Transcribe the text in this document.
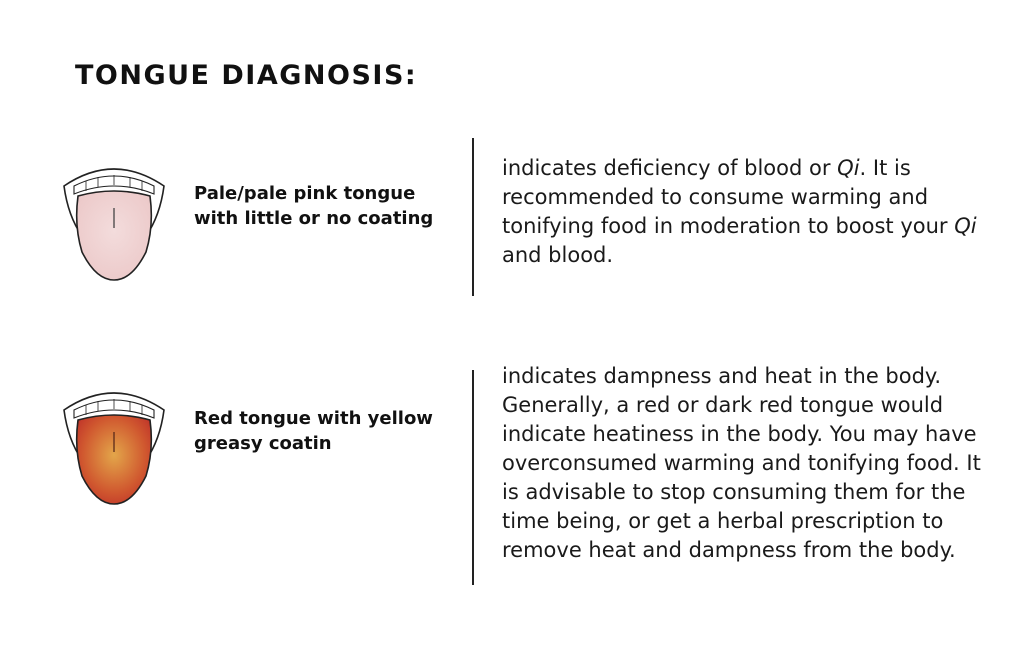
TONGUE DIAGNOSIS:
Pale/pale pink tongue with little or no coating

indicates deficiency of blood or Qi. It is recommended to consume warming and tonifying food in moderation to boost your Qi and blood.

Red tongue with yellow greasy coatin

indicates dampness and heat in the body. Generally, a red or dark red tongue would indicate heatiness in the body. You may have overconsumed warming and tonifying food. It is advisable to stop consuming them for the time being, or get a herbal prescription to remove heat and dampness from the body.
